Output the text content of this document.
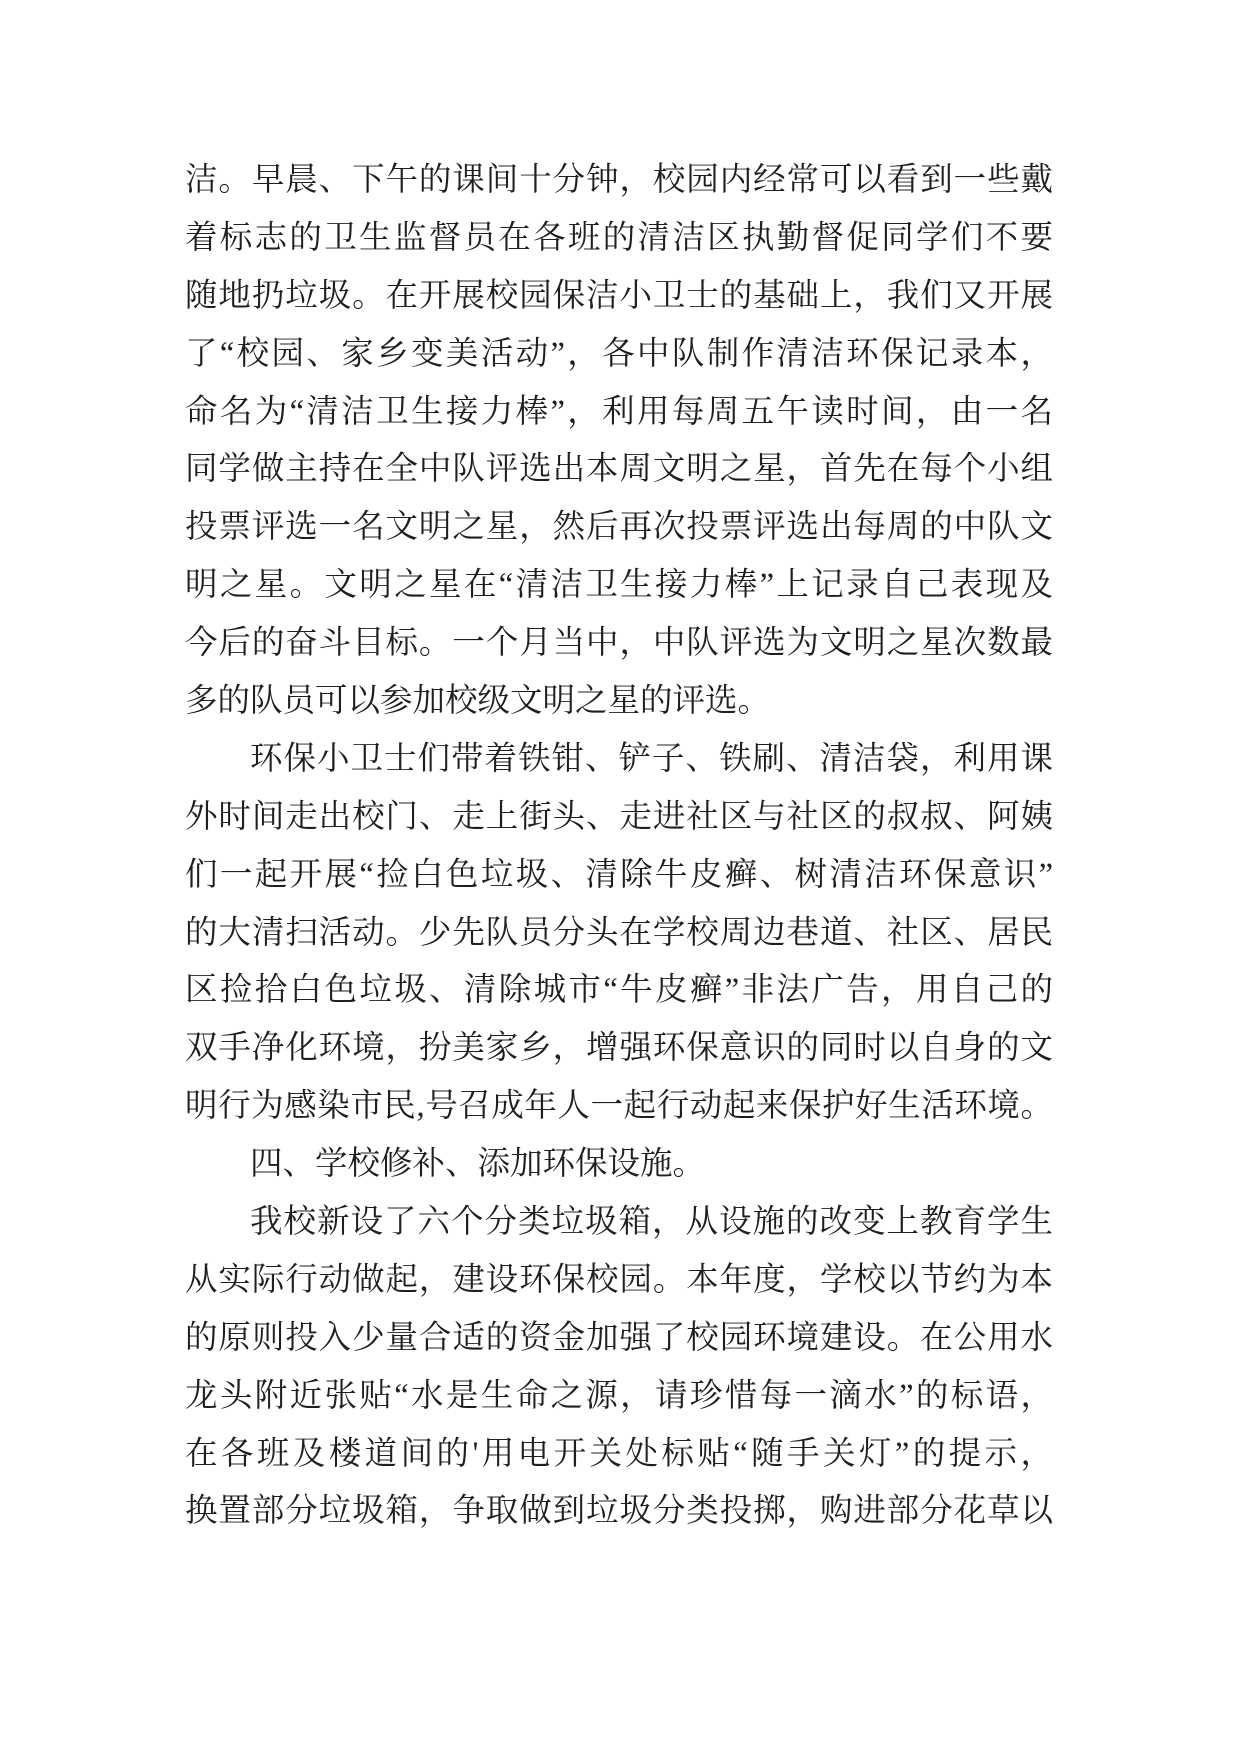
洁。早晨、下午的课间十分钟，校园内经常可以看到一些戴
着标志的卫生监督员在各班的清洁区执勤督促同学们不要
随地扔垃圾。在开展校园保洁小卫士的基础上，我们又开展
了“校园、家乡变美活动”，各中队制作清洁环保记录本，
命名为“清洁卫生接力棒”，利用每周五午读时间，由一名
同学做主持在全中队评选出本周文明之星，首先在每个小组
投票评选一名文明之星，然后再次投票评选出每周的中队文
明之星。文明之星在“清洁卫生接力棒”上记录自己表现及
今后的奋斗目标。一个月当中，中队评选为文明之星次数最
多的队员可以参加校级文明之星的评选。
环保小卫士们带着铁钳、铲子、铁刷、清洁袋，利用课
外时间走出校门、走上街头、走进社区与社区的叔叔、阿姨
们一起开展“捡白色垃圾、清除牛皮癣、树清洁环保意识”
的大清扫活动。少先队员分头在学校周边巷道、社区、居民
区捡拾白色垃圾、清除城市“牛皮癣”非法广告，用自己的
双手净化环境，扮美家乡，增强环保意识的同时以自身的文
明行为感染市民,号召成年人一起行动起来保护好生活环境。
四、学校修补、添加环保设施。
我校新设了六个分类垃圾箱，从设施的改变上教育学生
从实际行动做起，建设环保校园。本年度，学校以节约为本
的原则投入少量合适的资金加强了校园环境建设。在公用水
龙头附近张贴“水是生命之源，请珍惜每一滴水”的标语，
在各班及楼道间的'用电开关处标贴“随手关灯”的提示，
换置部分垃圾箱，争取做到垃圾分类投掷，购进部分花草以
